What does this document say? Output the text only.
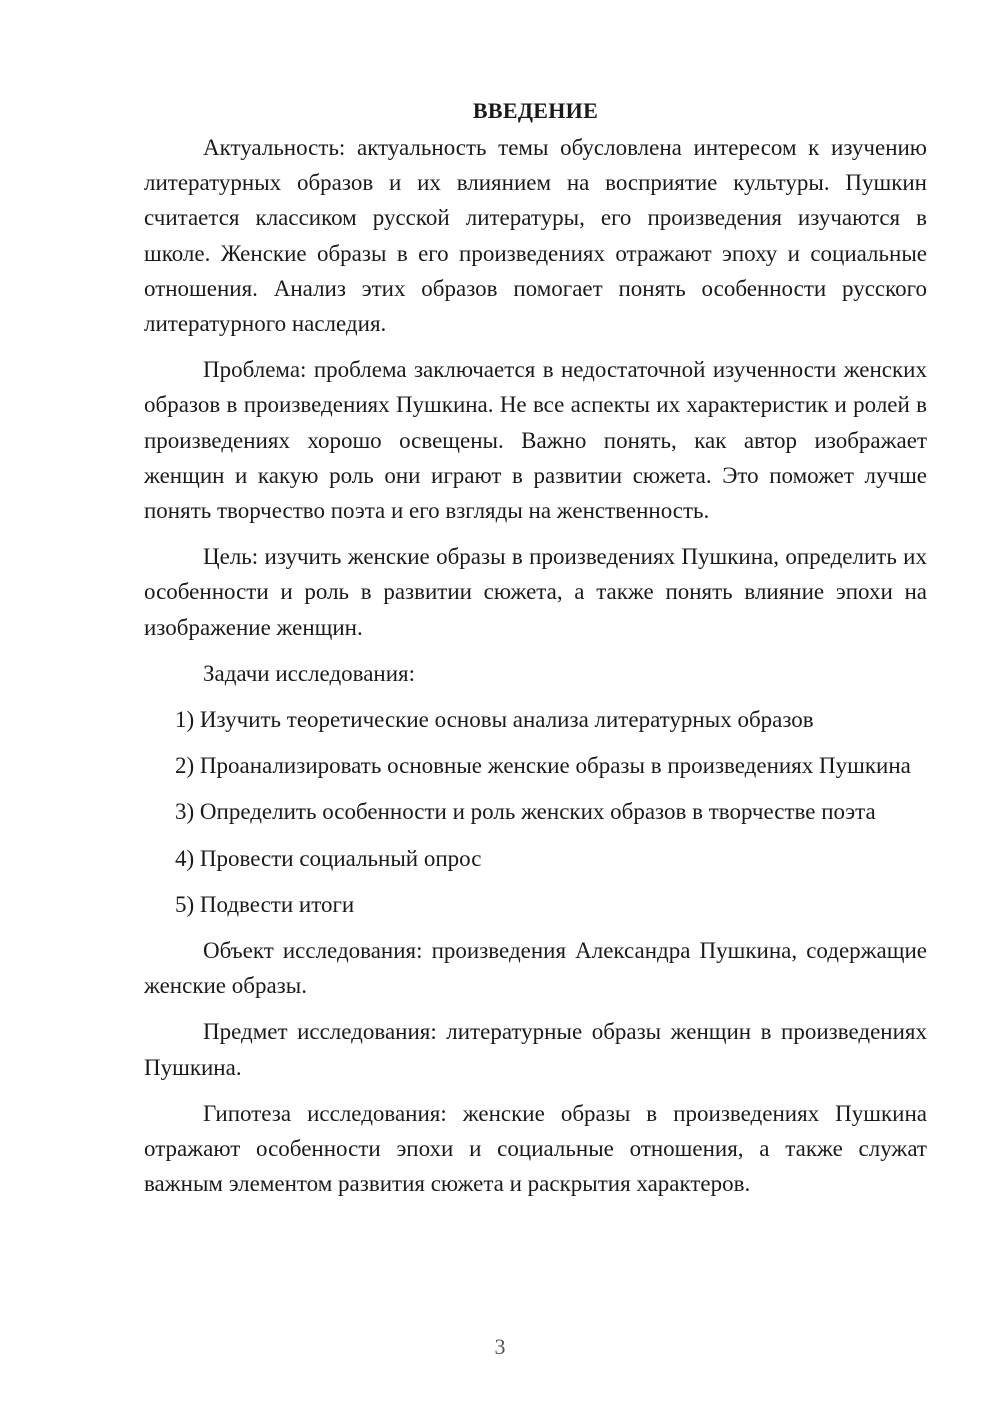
ВВЕДЕНИЕ

Актуальность: актуальность темы обусловлена интересом к изучению литературных образов и их влиянием на восприятие культуры. Пушкин считается классиком русской литературы, его произведения изучаются в школе. Женские образы в его произведениях отражают эпоху и социальные отношения. Анализ этих образов помогает понять особенности русского литературного наследия.

Проблема: проблема заключается в недостаточной изученности женских образов в произведениях Пушкина. Не все аспекты их характеристик и ролей в произведениях хорошо освещены. Важно понять, как автор изображает женщин и какую роль они играют в развитии сюжета. Это поможет лучше понять творчество поэта и его взгляды на женственность.

Цель: изучить женские образы в произведениях Пушкина, определить их особенности и роль в развитии сюжета, а также понять влияние эпохи на изображение женщин.

Задачи исследования:

1) Изучить теоретические основы анализа литературных образов

2) Проанализировать основные женские образы в произведениях Пушкина

3) Определить особенности и роль женских образов в творчестве поэта

4) Провести социальный опрос

5) Подвести итоги

Объект исследования: произведения Александра Пушкина, содержащие женские образы.

Предмет исследования: литературные образы женщин в произведениях Пушкина.

Гипотеза исследования: женские образы в произведениях Пушкина отражают особенности эпохи и социальные отношения, а также служат важным элементом развития сюжета и раскрытия характеров.

3
